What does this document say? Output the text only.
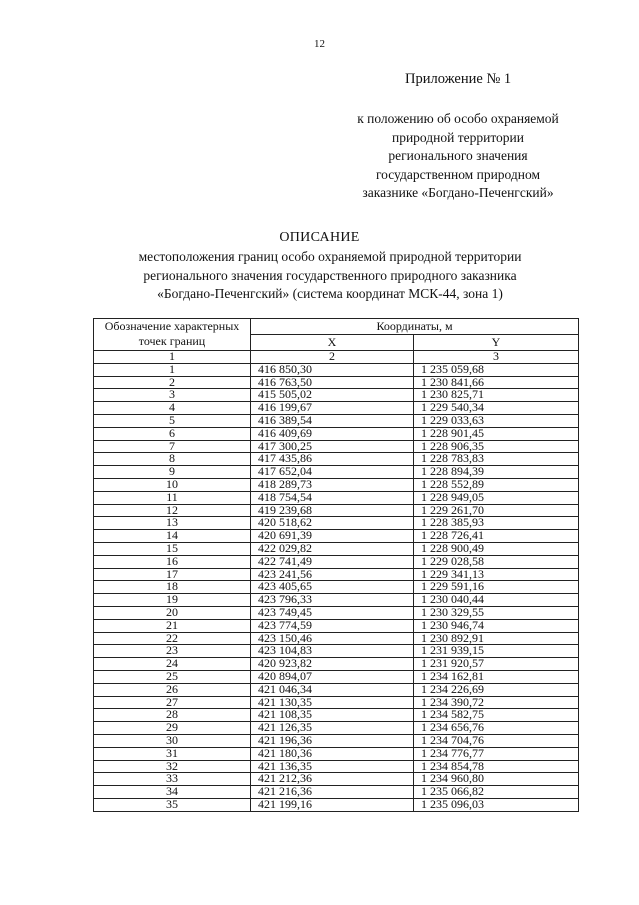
12
Приложение № 1
к положению об особо охраняемой
природной территории
регионального значения
государственном природном
заказнике «Богдано-Печенгский»
ОПИСАНИЕ
местоположения границ особо охраняемой природной территории
регионального значения государственного природного заказника
«Богдано-Печенгский» (система координат МСК-44, зона 1)
Обозначение характерных точек границ	Координаты, м	
	X	Y
1	2	3
1	416 850,30	1 235 059,68
2	416 763,50	1 230 841,66
3	415 505,02	1 230 825,71
4	416 199,67	1 229 540,34
5	416 389,54	1 229 033,63
6	416 409,69	1 228 901,45
7	417 300,25	1 228 906,35
8	417 435,86	1 228 783,83
9	417 652,04	1 228 894,39
10	418 289,73	1 228 552,89
11	418 754,54	1 228 949,05
12	419 239,68	1 229 261,70
13	420 518,62	1 228 385,93
14	420 691,39	1 228 726,41
15	422 029,82	1 228 900,49
16	422 741,49	1 229 028,58
17	423 241,56	1 229 341,13
18	423 405,65	1 229 591,16
19	423 796,33	1 230 040,44
20	423 749,45	1 230 329,55
21	423 774,59	1 230 946,74
22	423 150,46	1 230 892,91
23	423 104,83	1 231 939,15
24	420 923,82	1 231 920,57
25	420 894,07	1 234 162,81
26	421 046,34	1 234 226,69
27	421 130,35	1 234 390,72
28	421 108,35	1 234 582,75
29	421 126,35	1 234 656,76
30	421 196,36	1 234 704,76
31	421 180,36	1 234 776,77
32	421 136,35	1 234 854,78
33	421 212,36	1 234 960,80
34	421 216,36	1 235 066,82
35	421 199,16	1 235 096,03
